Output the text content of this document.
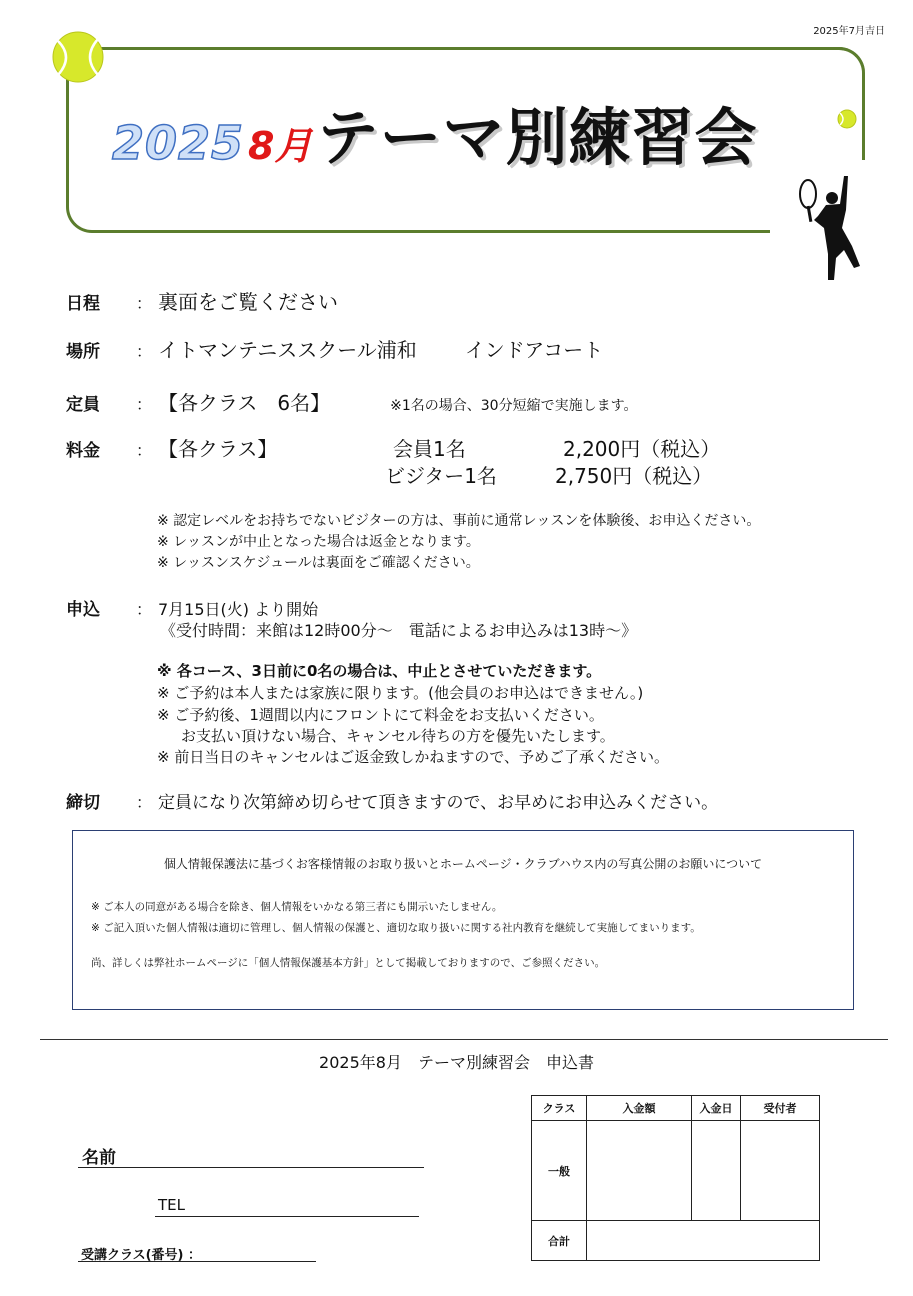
2025年7月吉日
2025 8月テーマ別練習会
日程 ： 裏面をご覧ください
場所 ： イトマンテニススクール浦和 インドアコート
定員 ： 【各クラス　6名】	※1名の場合、30分短縮で実施します。
料金 ： 【各クラス】	会員1名	2,200円（税込）
ビジター1名	2,750円（税込）
※ 認定レベルをお持ちでないビジターの方は、事前に通常レッスンを体験後、お申込ください。
※ レッスンが中止となった場合は返金となります。
※ レッスンスケジュールは裏面をご確認ください。
申込 ： 7月15日(火) より開始
《受付時間：来館は12時00分～　電話によるお申込みは13時～》
※ 各コース、3日前に0名の場合は、中止とさせていただきます。
※ ご予約は本人または家族に限ります。(他会員のお申込はできません。)
※ ご予約後、1週間以内にフロントにて料金をお支払いください。
お支払い頂けない場合、キャンセル待ちの方を優先いたします。
※ 前日当日のキャンセルはご返金致しかねますので、予めご了承ください。
締切 ： 定員になり次第締め切らせて頂きますので、お早めにお申込みください。
個人情報保護法に基づくお客様情報のお取り扱いとホームページ・クラブハウス内の写真公開のお願いについて
※ ご本人の同意がある場合を除き、個人情報をいかなる第三者にも開示いたしません。
※ ご記入頂いた個人情報は適切に管理し、個人情報の保護と、適切な取り扱いに関する社内教育を継続して実施してまいります。
尚、詳しくは弊社ホームページに「個人情報保護基本方針」として掲載しておりますので、ご参照ください。
2025年8月　テーマ別練習会　申込書
名前
TEL
受講クラス(番号) ：
クラス	入金額	入金日	受付者
一般			
合計			
